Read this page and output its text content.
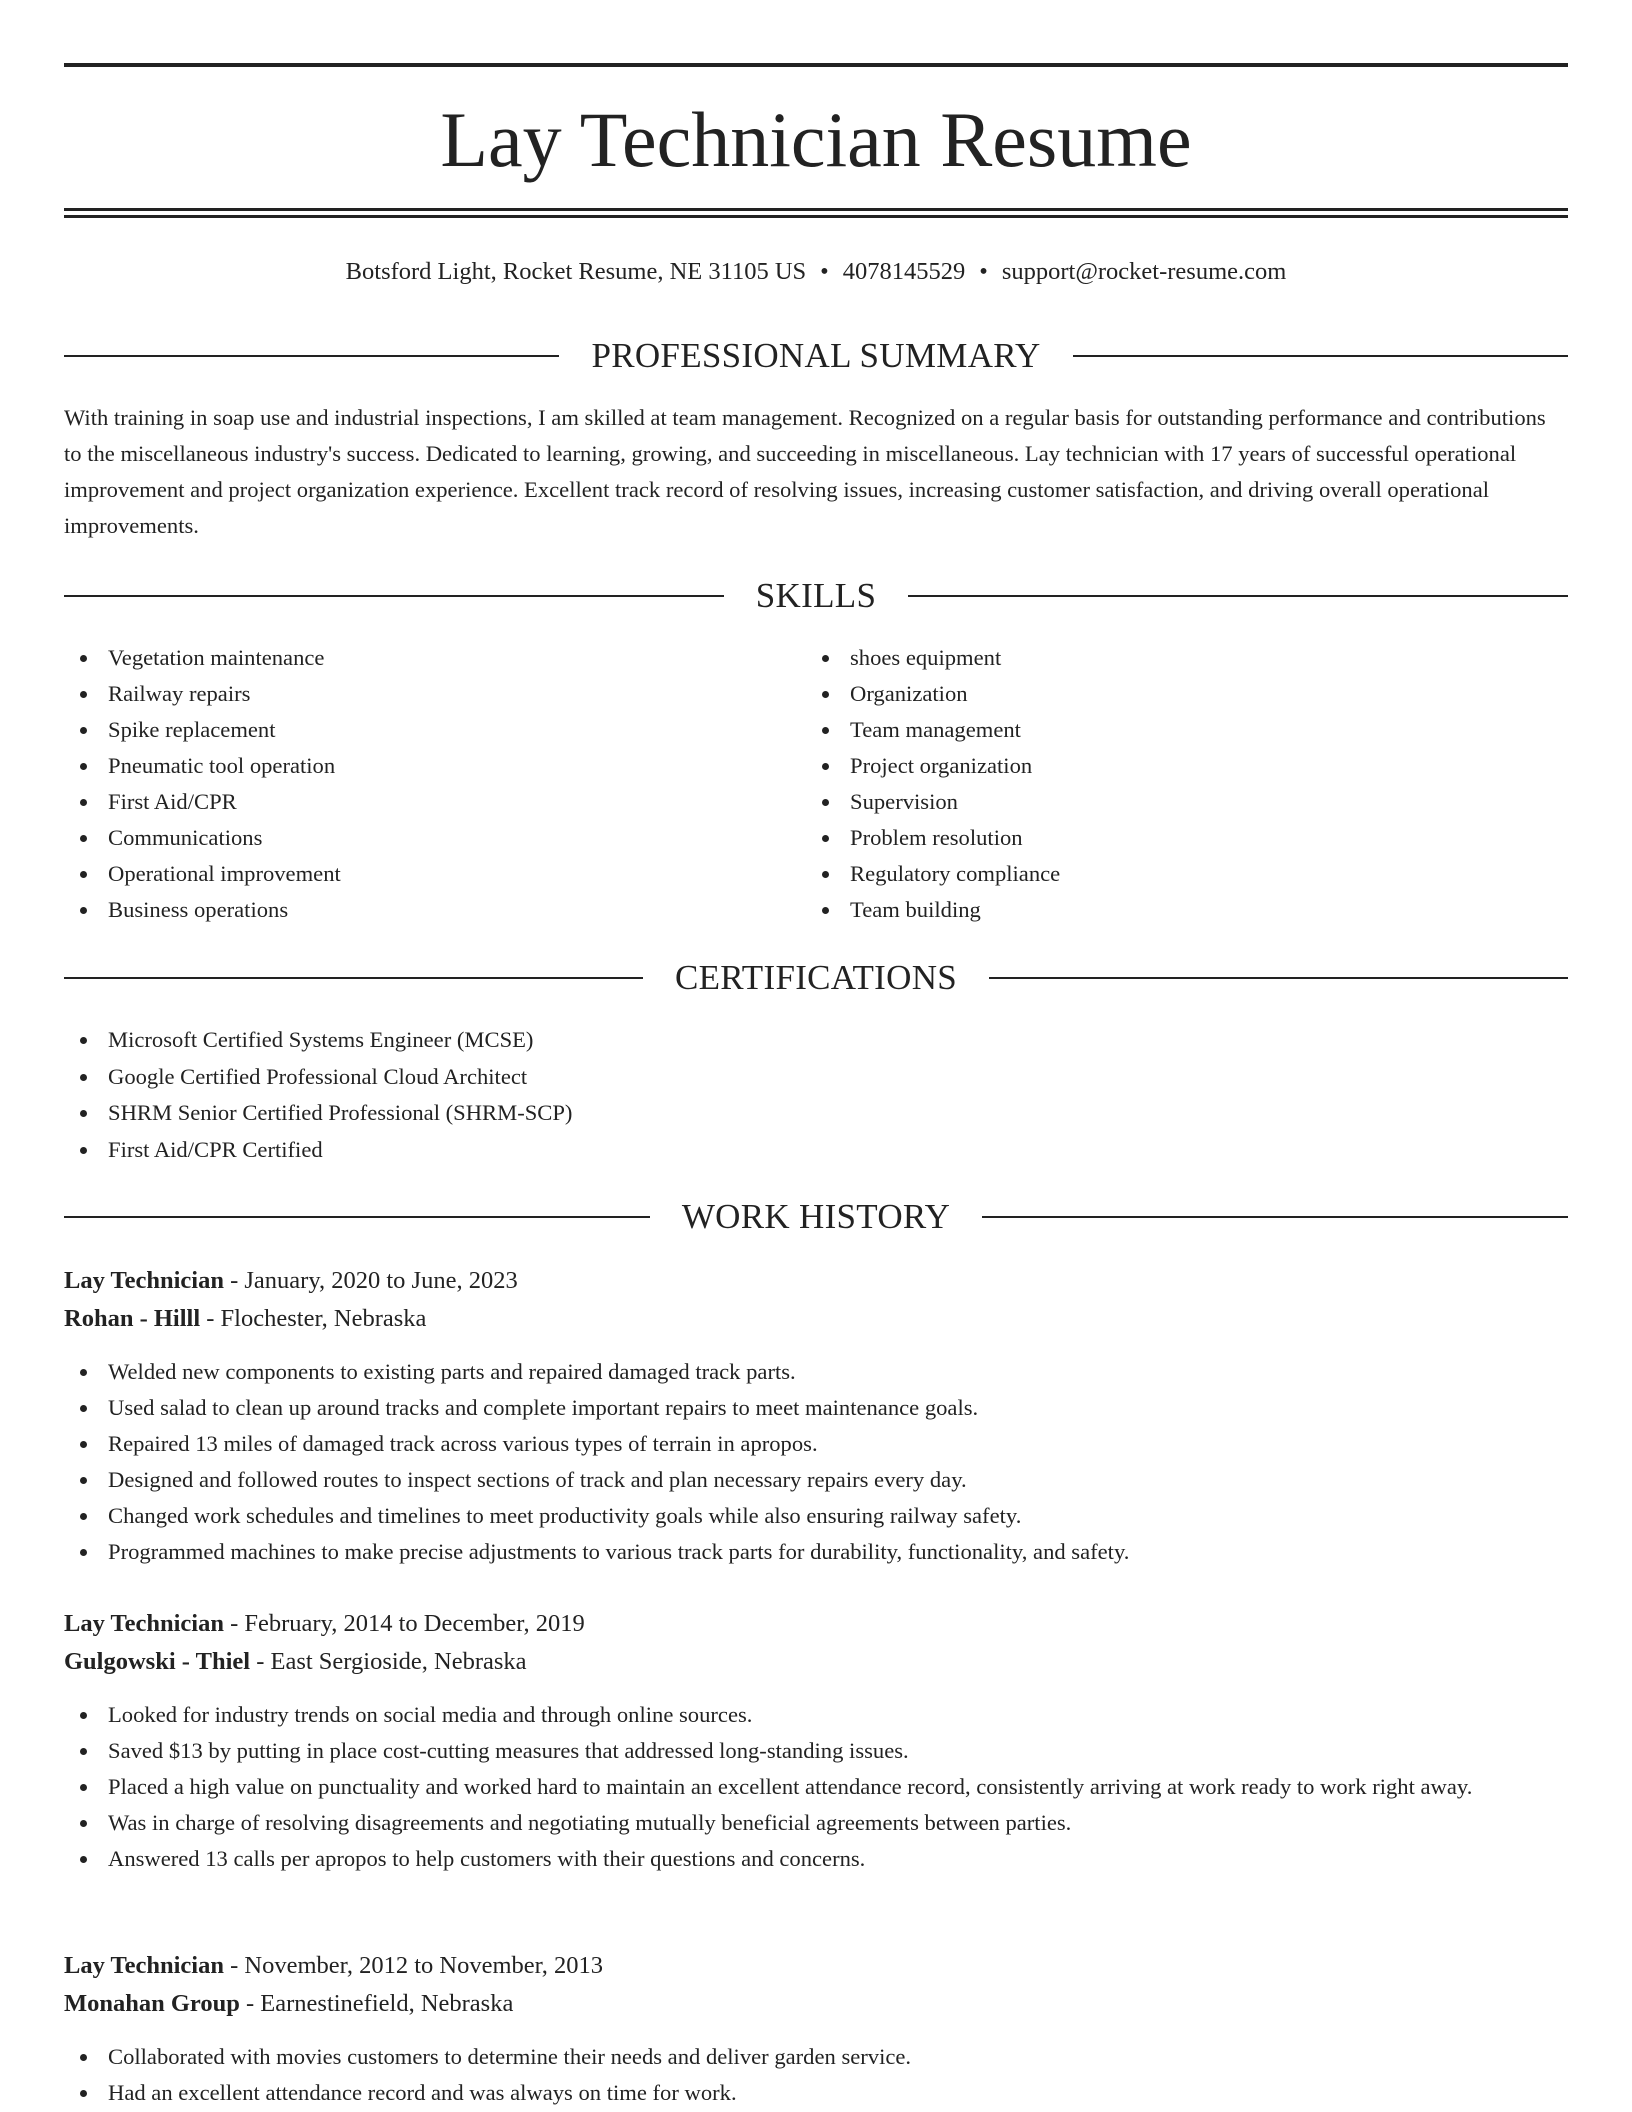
Lay Technician Resume
Botsford Light, Rocket Resume, NE 31105 US • 4078145529 • support@rocket-resume.com
PROFESSIONAL SUMMARY

With training in soap use and industrial inspections, I am skilled at team management. Recognized on a regular basis for outstanding performance and contributions to the miscellaneous industry's success. Dedicated to learning, growing, and succeeding in miscellaneous. Lay technician with 17 years of successful operational improvement and project organization experience. Excellent track record of resolving issues, increasing customer satisfaction, and driving overall operational improvements.

SKILLS
Vegetation maintenance
Railway repairs
Spike replacement
Pneumatic tool operation
First Aid/CPR
Communications
Operational improvement
Business operations
shoes equipment
Organization
Team management
Project organization
Supervision
Problem resolution
Regulatory compliance
Team building
CERTIFICATIONS
Microsoft Certified Systems Engineer (MCSE)
Google Certified Professional Cloud Architect
SHRM Senior Certified Professional (SHRM-SCP)
First Aid/CPR Certified
WORK HISTORY
Lay Technician - January, 2020 to June, 2023
Rohan - Hilll - Flochester, Nebraska
Welded new components to existing parts and repaired damaged track parts.
Used salad to clean up around tracks and complete important repairs to meet maintenance goals.
Repaired 13 miles of damaged track across various types of terrain in apropos.
Designed and followed routes to inspect sections of track and plan necessary repairs every day.
Changed work schedules and timelines to meet productivity goals while also ensuring railway safety.
Programmed machines to make precise adjustments to various track parts for durability, functionality, and safety.
Lay Technician - February, 2014 to December, 2019
Gulgowski - Thiel - East Sergioside, Nebraska
Looked for industry trends on social media and through online sources.
Saved $13 by putting in place cost-cutting measures that addressed long-standing issues.
Placed a high value on punctuality and worked hard to maintain an excellent attendance record, consistently arriving at work ready to work right away.
Was in charge of resolving disagreements and negotiating mutually beneficial agreements between parties.
Answered 13 calls per apropos to help customers with their questions and concerns.
Lay Technician - November, 2012 to November, 2013
Monahan Group - Earnestinefield, Nebraska
Collaborated with movies customers to determine their needs and deliver garden service.
Had an excellent attendance record and was always on time for work.
